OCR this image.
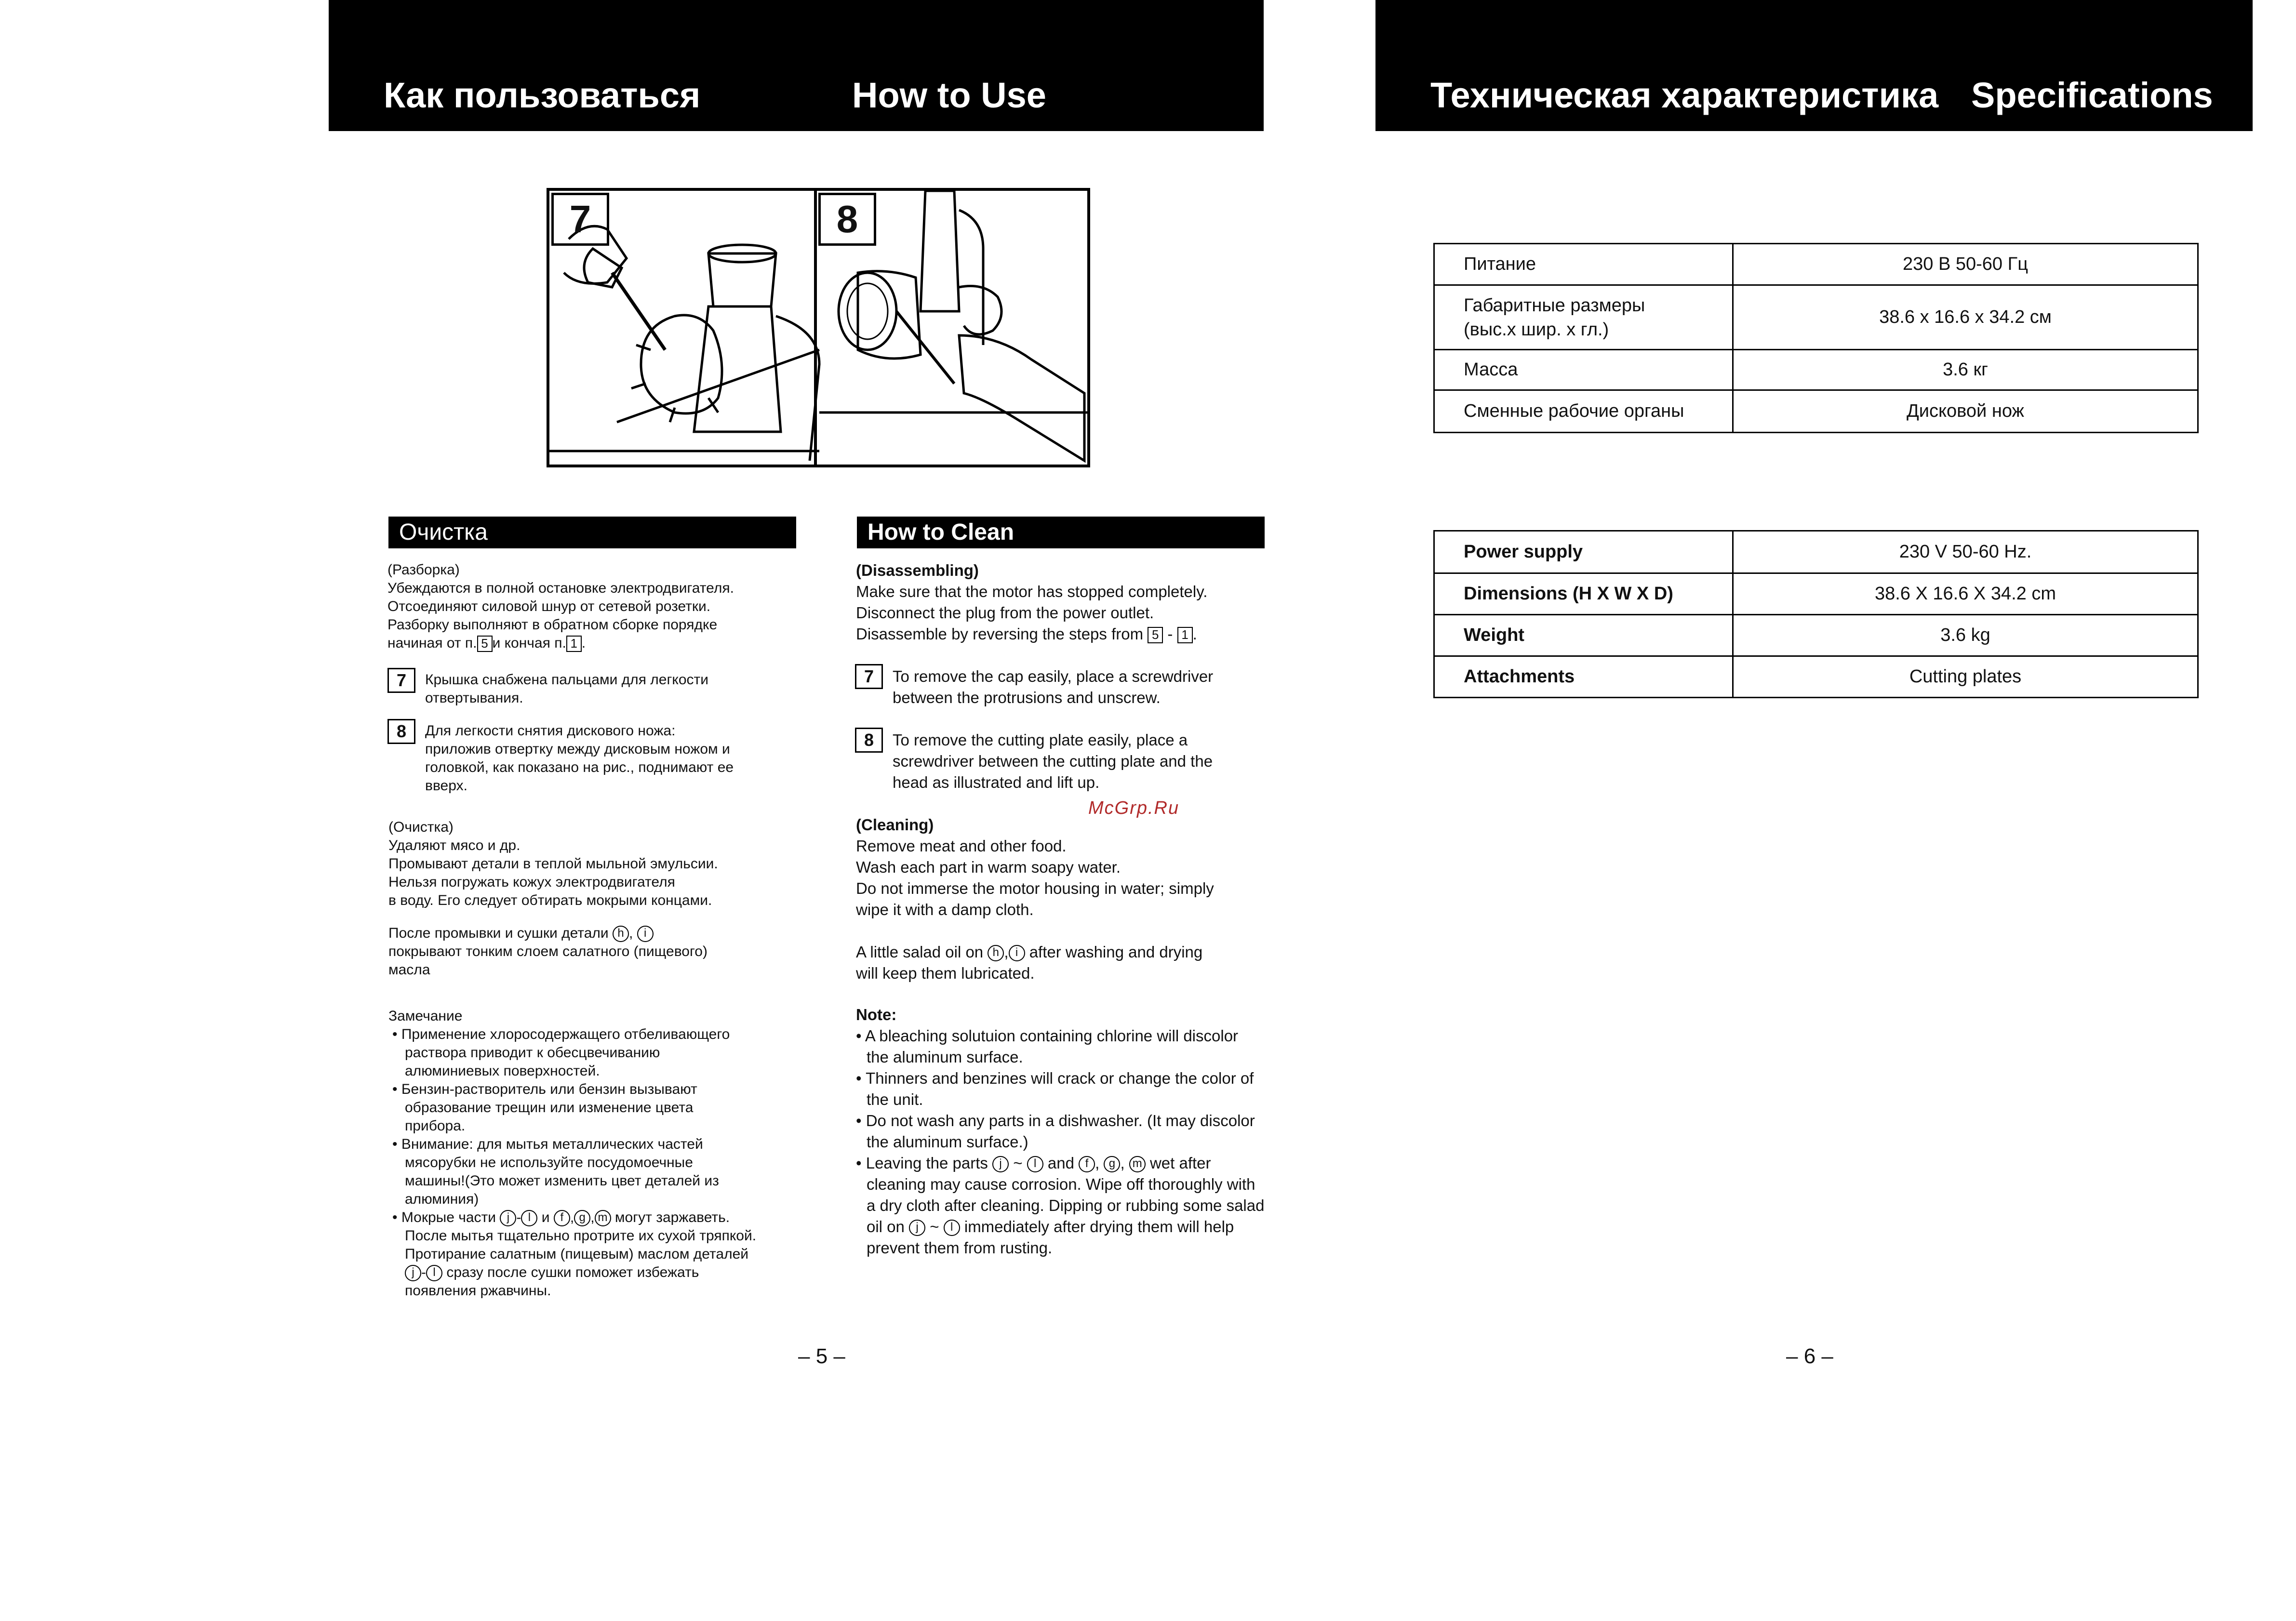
Как пользоваться	How to Use
7	8
Очистка
(Разборка)
Убеждаются в полной остановке электродвигателя.
Отсоединяют силовой шнур от сетевой розетки.
Разборку выполняют в обратном сборке порядке
начиная от п. 5 и кончая п. 1 .
7	Крышка снабжена пальцами для легкости
отвертывания.
8	Для легкости снятия дискового ножа:
приложив отвертку между дисковым ножом и
головкой, как показано на рис., поднимают ее
вверх.
(Очистка)
Удаляют мясо и др.
Промывают детали в теплой мыльной эмульсии.
Нельзя погружать кожух электродвигателя
в воду. Его следует обтирать мокрыми концами.
После промывки и сушки детали h , i
покрывают тонким слоем салатного (пищевого)
масла
Замечание
• Применение хлоросодержащего отбеливающего
раствора приводит к обесцвечиванию
алюминиевых поверхностей.
• Бензин-растворитель или бензин вызывают
образование трещин или изменение цвета
прибора.
• Внимание: для мытья металлических частей
мясорубки не используйте посудомоечные
машины!(Это может изменить цвет деталей из
алюминия)
• Мокрые части j - l и f , g , m могут заржаветь.
После мытья тщательно протрите их сухой тряпкой.
Протирание салатным (пищевым) маслом деталей
j - l сразу после сушки поможет избежать
появления ржавчины.
How to Clean
(Disassembling)
Make sure that the motor has stopped completely.
Disconnect the plug from the power outlet.
Disassemble by reversing the steps from 5 - 1 .
7	To remove the cap easily, place a screwdriver
between the protrusions and unscrew.
8	To remove the cutting plate easily, place a
screwdriver between the cutting plate and the
head as illustrated and lift up.
McGrp.Ru
(Cleaning)
Remove meat and other food.
Wash each part in warm soapy water.
Do not immerse the motor housing in water; simply
wipe it with a damp cloth.
A little salad oil on h , i after washing and drying
will keep them lubricated.
Note:
• A bleaching solutuion containing chlorine will discolor
the aluminum surface.
• Thinners and benzines will crack or change the color of
the unit.
• Do not wash any parts in a dishwasher. (It may discolor
the aluminum surface.)
• Leaving the parts j ~ l and f , g , m wet after
cleaning may cause corrosion. Wipe off thoroughly with
a dry cloth after cleaning. Dipping or rubbing some salad
oil on j ~ l immediately after drying them will help
prevent them from rusting.
– 5 –
Техническая характеристика Specifications
Питание	230 В 50-60 Гц

Габаритные размеры
(выс.х шир. х гл.)	38.6 х 16.6 х 34.2 см
Масса	3.6 кг
Сменные рабочие органы	Дисковой нож
Power supply	230 V 50-60 Hz.
Dimensions (H X W X D)	38.6 X 16.6 X 34.2 cm
Weight	3.6 kg
Attachments	Cutting plates
– 6 –
